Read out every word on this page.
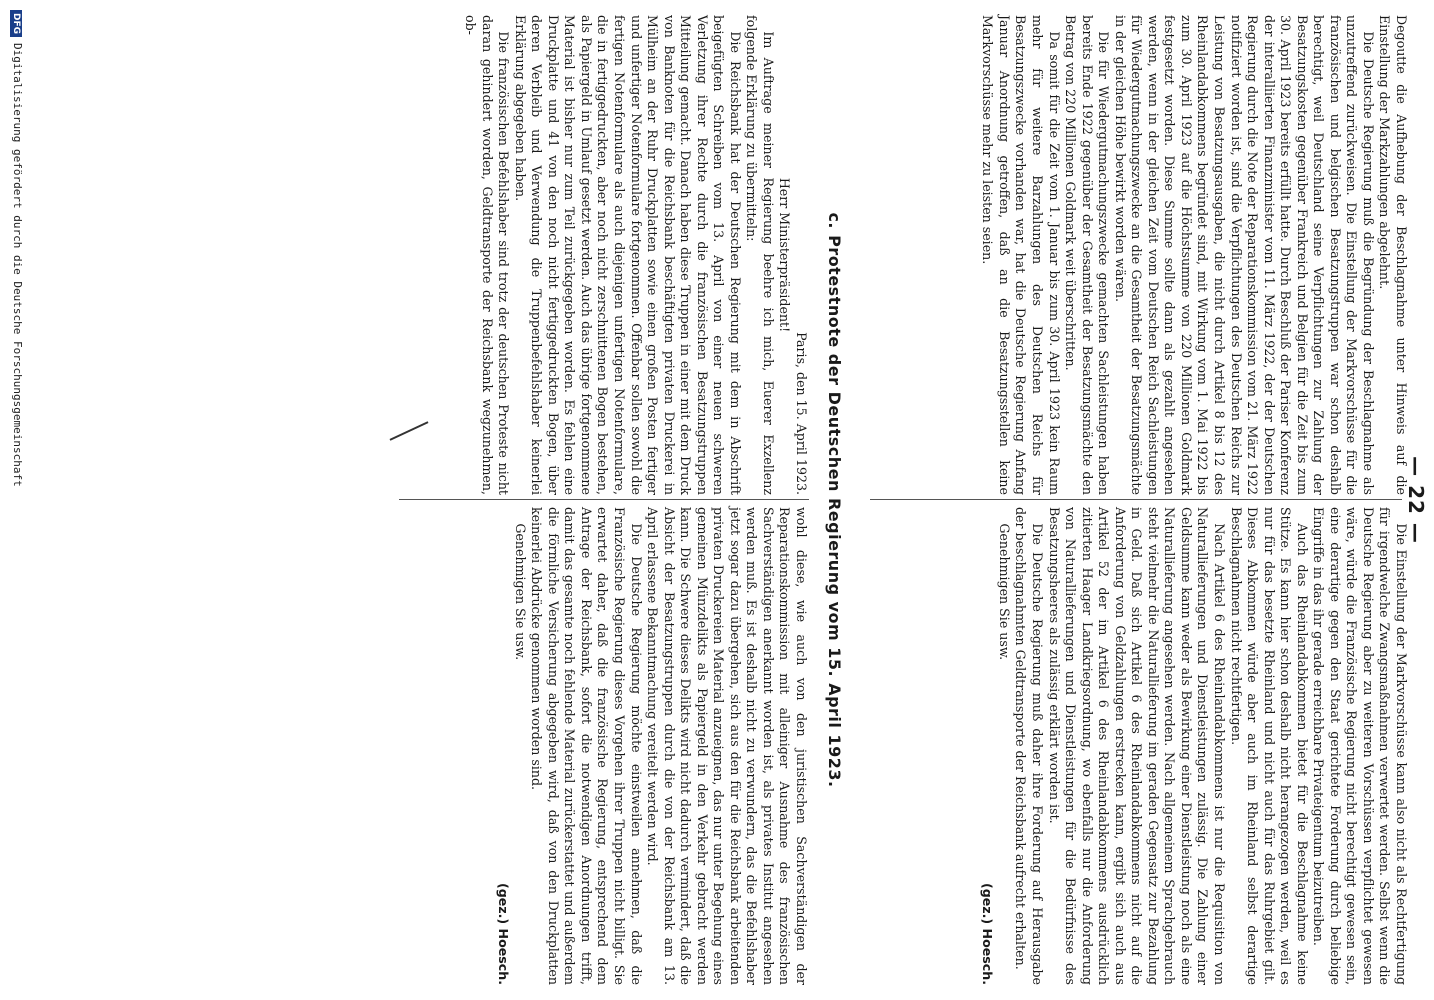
— 22 —

Degoutte die Aufhebung der Beschlagnahme unter Hinweis auf die Einstellung der Markzahlungen abgelehnt.

Die Deutsche Regierung muß die Begründung der Beschlagnahme als unzutreffend zurückweisen. Die Einstellung der Markvorschüsse für die französischen und belgischen Besatzungstruppen war schon deshalb berechtigt, weil Deutschland seine Verpflichtungen zur Zahlung der Besatzungskosten gegenüber Frankreich und Belgien für die Zeit bis zum 30. April 1923 bereits erfüllt hatte. Durch Beschluß der Pariser Konferenz der interalliierten Finanzminister vom 11. März 1922, der der Deutschen Regierung durch die Note der Reparationskommission vom 21. März 1922 notifiziert worden ist, sind die Verpflichtungen des Deutschen Reichs zur Leistung von Besatzungsausgaben, die nicht durch Artikel 8 bis 12 des Rheinlandabkommens begründet sind, mit Wirkung vom 1. Mai 1922 bis zum 30. April 1923 auf die Höchstsumme von 220 Millionen Goldmark festgesetzt worden. Diese Summe sollte dann als gezahlt angesehen werden, wenn in der gleichen Zeit vom Deutschen Reich Sachleistungen für Wiedergutmachungszwecke an die Gesamtheit der Besatzungsmächte in der gleichen Höhe bewirkt worden wären.

Die für Wiedergutmachungszwecke gemachten Sachleistungen haben bereits Ende 1922 gegenüber der Gesamtheit der Besatzungsmächte den Betrag von 220 Millionen Goldmark weit überschritten.

Da somit für die Zeit vom 1. Januar bis zum 30. April 1923 kein Raum mehr für weitere Barzahlungen des Deutschen Reichs für Besatzungszwecke vorhanden war, hat die Deutsche Regierung Anfang Januar Anordnung getroffen, daß an die Besatzungsstellen keine Markvorschüsse mehr zu leisten seien.

Die Einstellung der Markvorschüsse kann also nicht als Rechtfertigung für irgendwelche Zwangsmaßnahmen verwertet werden. Selbst wenn die Deutsche Regierung aber zu weiteren Vorschüssen verpflichtet gewesen wäre, würde die Französische Regierung nicht berechtigt gewesen sein, eine derartige gegen den Staat gerichtete Forderung durch beliebige Eingriffe in das ihr gerade erreichbare Privateigentum beizutreiben.

Auch das Rheinlandabkommen bietet für die Beschlagnahme keine Stütze. Es kann hier schon deshalb nicht herangezogen werden, weil es nur für das besetzte Rheinland und nicht auch für das Ruhrgebiet gilt. Dieses Abkommen würde aber auch im Rheinland selbst derartige Beschlagnahmen nicht rechtfertigen.

Nach Artikel 6 des Rheinlandabkommens ist nur die Requisition von Naturallieferungen und Dienstleistungen zulässig. Die Zahlung einer Geldsumme kann weder als Bewirkung einer Dienstleistung noch als eine Naturallieferung angesehen werden. Nach allgemeinem Sprachgebrauch steht vielmehr die Naturallieferung im geraden Gegensatz zur Bezahlung in Geld. Daß sich Artikel 6 des Rheinlandabkommens nicht auf die Anforderung von Geldzahlungen erstrecken kann, ergibt sich auch aus Artikel 52 der im Artikel 6 des Rheinlandabkommens ausdrücklich zitierten Haager Landkriegsordnung, wo ebenfalls nur die Anforderung von Naturallieferungen und Dienstleistungen für die Bedürfnisse des Besatzungsheeres als zulässig erklärt worden ist.

Die Deutsche Regierung muß daher ihre Forderung auf Herausgabe der beschlagnahmten Geldtransporte der Reichsbank aufrecht erhalten.

Genehmigen Sie usw.

(gez.) Hoesch.

c. Protestnote der Deutschen Regierung vom 15. April 1923.

Paris, den 15. April 1923.

Herr Ministerpräsident!

Im Auftrage meiner Regierung beehre ich mich, Euerer Exzellenz folgende Erklärung zu übermitteln:

Die Reichsbank hat der Deutschen Regierung mit dem in Abschrift beigefügten Schreiben vom 13. April von einer neuen schweren Verletzung ihrer Rechte durch die französischen Besatzungstruppen Mitteilung gemacht. Danach haben diese Truppen in einer mit dem Druck von Banknoten für die Reichsbank beschäftigten privaten Druckerei in Mülheim an der Ruhr Druckplatten sowie einen großen Posten fertiger und unfertiger Notenformulare fortgenommen. Offenbar sollen sowohl die fertigen Notenformulare als auch diejenigen unfertigen Notenformulare, die in fertiggedruckten, aber noch nicht zerschnittenen Bogen bestehen, als Papiergeld in Umlauf gesetzt werden. Auch das übrige fortgenommene Material ist bisher nur zum Teil zurückgegeben worden. Es fehlen eine Druckplatte und 41 von den noch nicht fertiggedruckten Bogen, über deren Verbleib und Verwendung die Truppenbefehlshaber keinerlei Erklärung abgegeben haben.

Die französischen Befehlshaber sind trotz der deutschen Proteste nicht daran gehindert worden, Geldtransporte der Reichsbank wegzunehmen, ob-

wohl diese, wie auch von den juristischen Sachverständigen der Reparationskommission mit alleiniger Ausnahme des französischen Sachverständigen anerkannt worden ist, als privates Institut angesehen werden muß. Es ist deshalb nicht zu verwundern, das die Befehlshaber jetzt sogar dazu übergehen, sich aus den für die Reichsbank arbeitenden privaten Druckereien Material anzueignen, das nur unter Begehung eines gemeinen Münzdelikts als Papiergeld in den Verkehr gebracht werden kann. Die Schwere dieses Delikts wird nicht dadurch vermindert, daß die Absicht der Besatzungstruppen durch die von der Reichsbank am 13. April erlassene Bekanntmachung vereitelt werden wird.

Die Deutsche Regierung möchte einstweilen annehmen, daß die Französische Regierung dieses Vorgehen ihrer Truppen nicht billigt. Sie erwartet daher, daß die französische Regierung, entsprechend dem Antrage der Reichsbank, sofort die notwendigen Anordnungen trifft, damit das gesamte noch fehlende Material zurückerstattet und außerdem die förmliche Versicherung abgegeben wird, daß von den Druckplatten keinerlei Abdrücke genommen worden sind.

Genehmigen Sie usw.

(gez.) Hoesch.

DFGDigitalisierung gefördert durch die Deutsche Forschungsgemeinschaft
